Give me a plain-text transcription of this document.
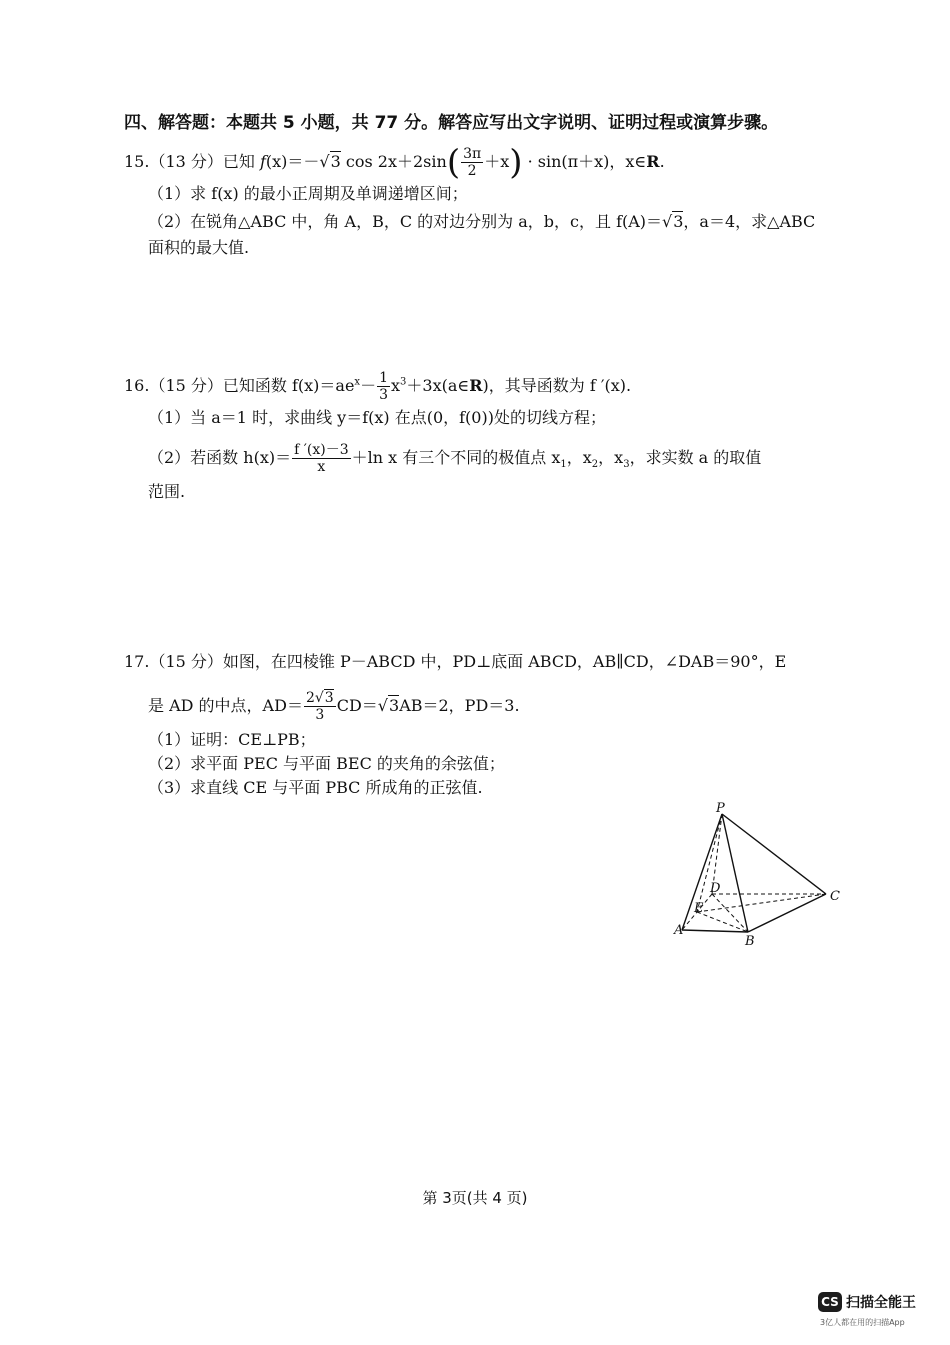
四、解答题：本题共 5 小题，共 77 分。解答应写出文字说明、证明过程或演算步骤。
15.（13 分）已知 f(x)＝－√3 $\cos 2x+2\sin( \frac{3\pi}{2} +x) \cdot \sin(\pi+x)$，x∈R.
（1）求 f(x) 的最小正周期及单调递增区间；
（2）在锐角△ABC 中，角 A，B，C 的对边分别为 a，b，c，且 f(A)＝√3，a＝4，求△ABC
面积的最大值.
16.（15 分）已知函数 $f(x)=ae^x- \frac{1}{3}$ $x^3+3x(a\in R)$，其导函数为 f ′(x).
（1）当 a＝1 时，求曲线 y＝f(x) 在点(0，f(0))处的切线方程；
（2）若函数 $h(x)= \frac{f '(x)-3}{x} +\ln$ x 有三个不同的极值点 $x_1$，$x_2$，$x_3$，求实数 a 的取值
范围.
17.（15 分）如图，在四棱锥 P－ABCD 中，PD⊥底面 ABCD，AB∥CD，∠DAB＝90°，E
是 AD 的中点，$AD= \frac{2√3}{3} CD=√3AB=2$，PD＝3.
（1）证明：CE⊥PB；
（2）求平面 PEC 与平面 BEC 的夹角的余弦值；
（3）求直线 CE 与平面 PBC 所成角的正弦值.
P
D
C
E
A
B
第 3页(共 4 页)
CS 扫描全能王
3亿人都在用的扫描App
